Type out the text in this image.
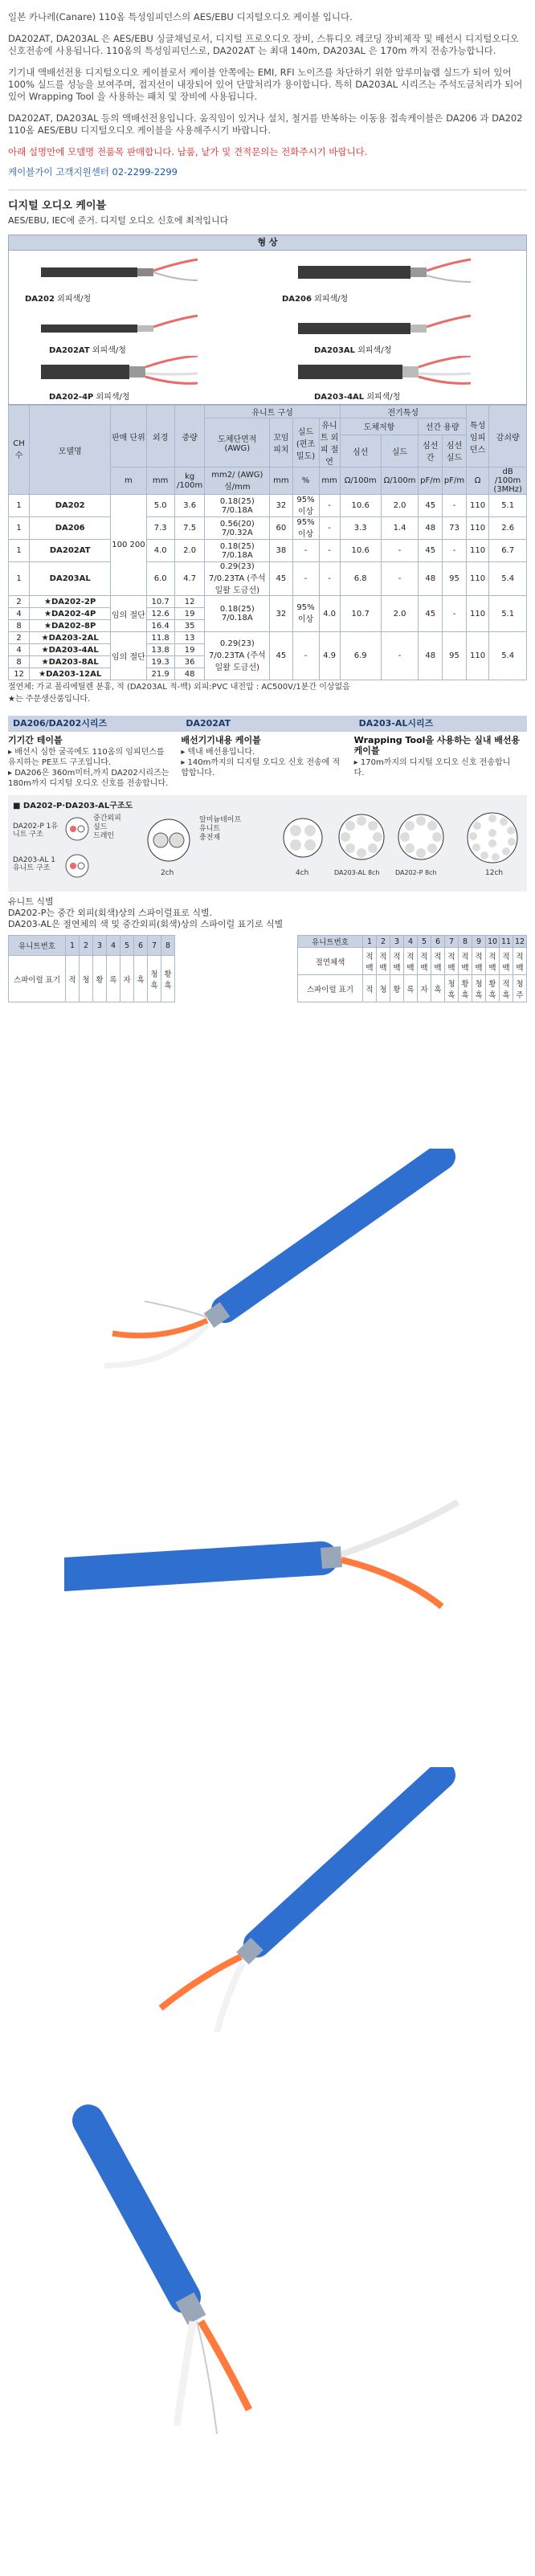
일본 카나레(Canare) 110옴 특성임피던스의 AES/EBU 디지털오디오 케이블 입니다.

DA202AT, DA203AL 은 AES/EBU 싱글채널로서, 디지털 프로오디오 장비, 스튜디오 레코딩 장비제작 및 배선시 디지털오디오 신호전송에 사용됩니다. 110옴의 특성임피던스로, DA202AT 는 최대 140m, DA203AL 은 170m 까지 전송가능합니다.

기기내 액배선전용 디지털오디오 케이블로서 케이블 안쪽에는 EMI, RFI 노이즈를 차단하기 위한 알루미늄랩 실드가 되어 있어 100% 실드를 성능을 보여주며, 접지선이 내장되어 있어 단말처리가 용이합니다. 특히 DA203AL 시리즈는 주석도금처리가 되어 있어 Wrapping Tool 을 사용하는 패치 및 장비에 사용됩니다.

DA202AT, DA203AL 등의 액배선전용입니다. 움직임이 있거나 설치, 철거를 반복하는 이동용 접속케이블은 DA206 과 DA202 110옴 AES/EBU 디지털오디오 케이블을 사용해주시기 바랍니다.

아래 설명만에 모델명 전품목 판매합니다. 납품, 낱가 및 견적문의는 전화주시기 바랍니다.

케이블가이 고객지원센터 02-2299-2299

디지털 오디오 케이블
AES/EBU, IEC에 준거. 디지털 오디오 신호에 최적입니다
형 상
DA202 외피색/청	DA206 외피색/청
DA202AT 외피색/청	DA203AL 외피색/청
DA202-4P 외피색/청	DA203-4AL 외피색/청
CH 수	모델명	판매 단위	외경	중량	유니트 구성				전기특성				특성 임피던스	감쇠량
					도체단면적 (AWG)	꼬임 피치	실드 (편조 밀도)	유니트 외피 절연	도체저항		선간 용량			
									심선	실드	심선 간	심선 실드		
		m	mm	kg /100m	mm2/ (AWG) 심/mm	mm	%	mm	Ω/100m	Ω/100m	pF/m	pF/m	Ω	dB /100m (3MHz)
1	DA202	100 200	5.0	3.6	0.18(25) 7/0.18A	32	95% 이상	-	10.6	2.0	45	-	110	5.1
1	DA206		7.3	7.5	0.56(20) 7/0.32A	60	95% 이상	-	3.3	1.4	48	73	110	2.6
1	DA202AT		4.0	2.0	0.18(25) 7/0.18A	38	-	-	10.6	-	45	-	110	6.7
1	DA203AL		6.0	4.7	0.29(23) 7/0.23TA (주석일왈 도금선)	45	-	-	6.8	-	48	95	110	5.4
2	★DA202-2P	임의 절단	10.7	12	0.18(25) 7/0.18A	32	95% 이상	4.0	10.7	2.0	45	-	110	5.1
4	★DA202-4P		12.6	19										
8	★DA202-8P		16.4	35										
2	★DA203-2AL	임의 절단	11.8	13	0.29(23) 7/0.23TA (주석일왈 도금선)	45	-	4.9	6.9	-	48	95	110	5.4
4	★DA203-4AL		13.8	19										
8	★DA203-8AL		19.3	36										
12	★DA203-12AL		21.9	48										
절연체: 가교 폴리에틸렌 분홍, 적 (DA203AL 적-백) 외피:PVC 내전압 : AC500V/1분간 이상없음
★는 주문생산품입니다.
DA206/DA202시리즈	DA202AT	DA203-AL시리즈
기기간 테이블
▸ 배선시 심한 굴곡에도 110옴의 임피던스를 유지하는 PE포드 구조입니다.
▸ DA206은 360m미터,까지 DA202시리즈는 180m까지 디지털 오디오 신호를 전송합니다.
배선기기내용 케이블
▸ 텍내 배선용입니다.
▸ 140m까지의 디지털 오디오 신호 전송에 적합합니다.
Wrapping Tool을 사용하는 실내 배선용 케이블
▸ 170m까지의 디지털 오디오 신호 전송합니다.
■ DA202-P·DA203-AL구조도
DA202-P 1유니트 구조
DA203-AL 1유니트 구조
중간외피
실드
드레인
알미늄테이프
유니트
충전재
2ch	4ch	DA203-AL 8ch DA202-P 8ch	12ch
유니트 식별
DA202-P는 중간 외피(회색)상의 스파이럴표로 식별.
DA203-AL은 절연체의 색 및 중간외피(회색)상의 스파이럴 표기로 식별
유니트번호	1	2	3	4	5	6	7	8
스파이럴 표기	적	청	황	록	자	흑	청 흑	황 흑
유니트번호	1	2	3	4	5	6	7	8	9	10	11	12
절연체색	적 백	적 백	적 백	적 백	적 백	적 백	적 백	적 백	적 백	적 백	적 백	적 백
스파이럴 표기	적	청	황	록	자	흑	청 흑	황 흑	청 흑	황 흑	적 흑	청 주
